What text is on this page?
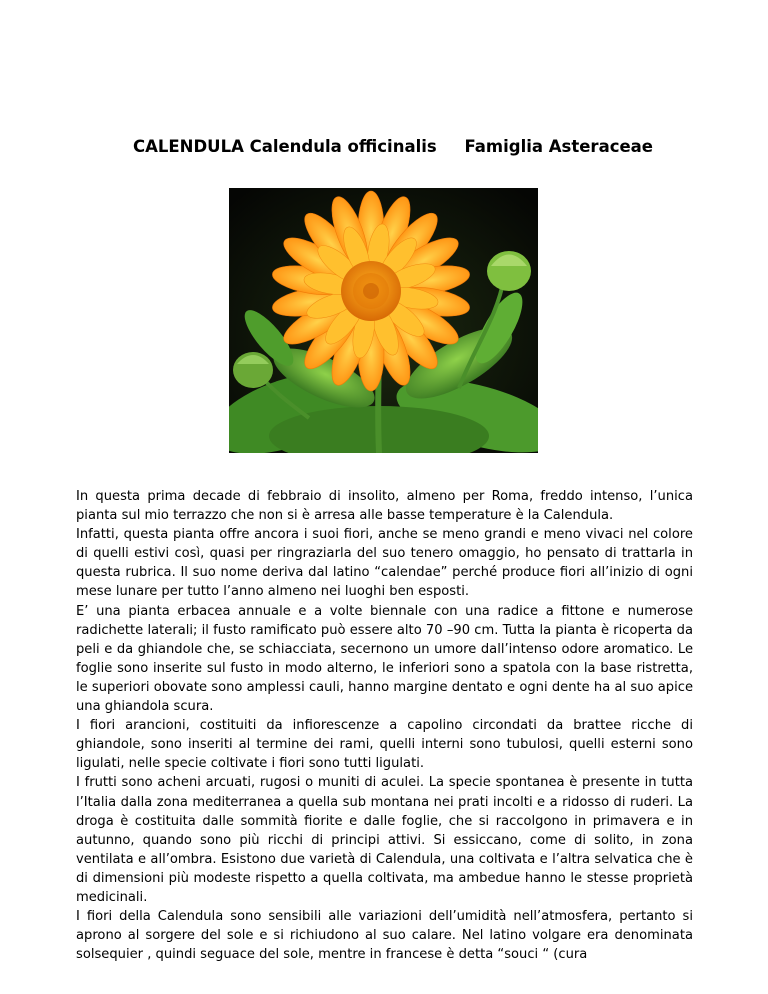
CALENDULA Calendula officinalis Famiglia Asteraceae

In questa prima decade di febbraio di insolito, almeno per Roma, freddo intenso, l’unica pianta sul mio terrazzo che non si è arresa alle basse temperature è la Calendula.

Infatti, questa pianta offre ancora i suoi fiori, anche se meno grandi e meno vivaci nel colore di quelli estivi così, quasi per ringraziarla del suo tenero omaggio, ho pensato di trattarla in questa rubrica. Il suo nome deriva dal latino “calendae” perché produce fiori all’inizio di ogni mese lunare per tutto l’anno almeno nei luoghi ben esposti.

E’ una pianta erbacea annuale e a volte biennale con una radice a fittone e numerose radichette laterali; il fusto ramificato può essere alto 70 –90 cm. Tutta la pianta è ricoperta da peli e da ghiandole che, se schiacciata, secernono un umore dall’intenso odore aromatico. Le foglie sono inserite sul fusto in modo alterno, le inferiori sono a spatola con la base ristretta, le superiori obovate sono amplessi cauli, hanno margine dentato e ogni dente ha al suo apice una ghiandola scura.

I fiori arancioni, costituiti da infiorescenze a capolino circondati da brattee ricche di ghiandole, sono inseriti al termine dei rami, quelli interni sono tubulosi, quelli esterni sono ligulati, nelle specie coltivate i fiori sono tutti ligulati.

I frutti sono acheni arcuati, rugosi o muniti di aculei. La specie spontanea è presente in tutta l’Italia dalla zona mediterranea a quella sub montana nei prati incolti e a ridosso di ruderi. La droga è costituita dalle sommità fiorite e dalle foglie, che si raccolgono in primavera e in autunno, quando sono più ricchi di principi attivi. Si essiccano, come di solito, in zona ventilata e all’ombra. Esistono due varietà di Calendula, una coltivata e l’altra selvatica che è di dimensioni più modeste rispetto a quella coltivata, ma ambedue hanno le stesse proprietà medicinali.

I fiori della Calendula sono sensibili alle variazioni dell’umidità nell’atmosfera, pertanto si aprono al sorgere del sole e si richiudono al suo calare. Nel latino volgare era denominata solsequier , quindi seguace del sole, mentre in francese è detta “souci “ (cura
